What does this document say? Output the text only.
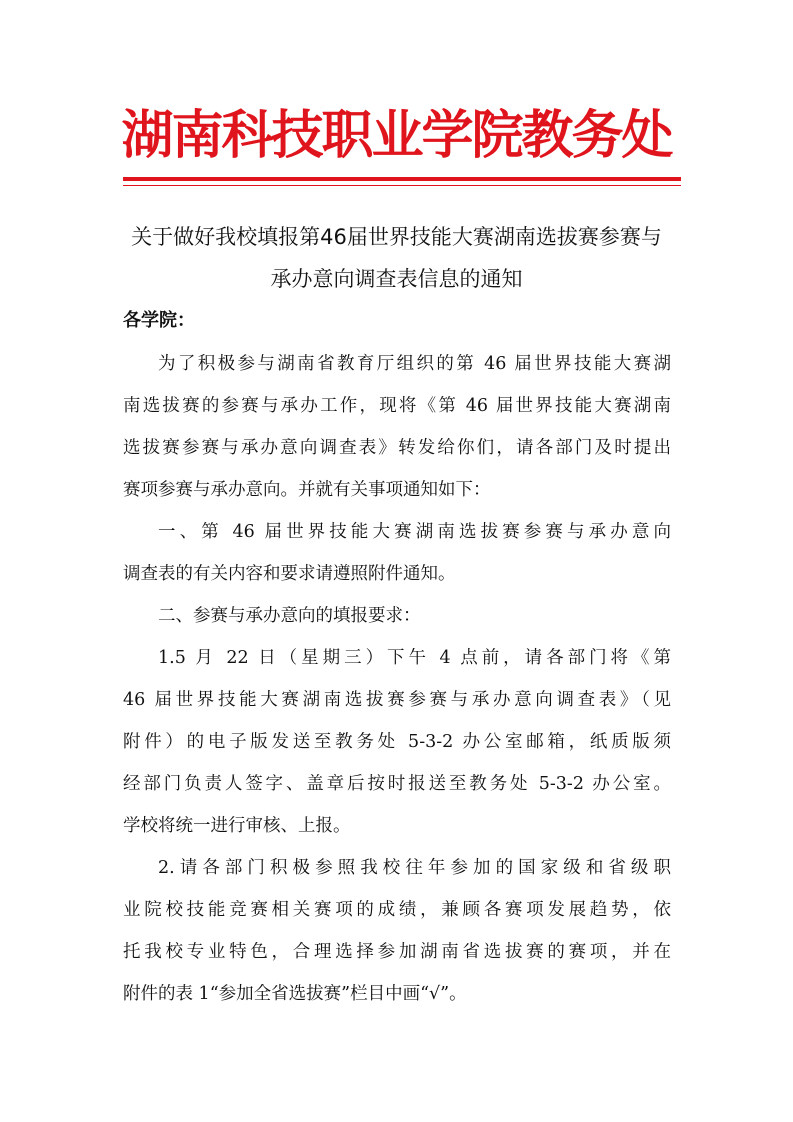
湖南科技职业学院教务处
关于做好我校填报第46届世界技能大赛湖南选拔赛参赛与
承办意向调查表信息的通知
各学院：
为了积极参与湖南省教育厅组织的第 46 届世界技能大赛湖
南选拔赛的参赛与承办工作，现将《第 46 届世界技能大赛湖南
选拔赛参赛与承办意向调查表》转发给你们，请各部门及时提出
赛项参赛与承办意向。并就有关事项通知如下：
一、第 46 届世界技能大赛湖南选拔赛参赛与承办意向
调查表的有关内容和要求请遵照附件通知。
二、参赛与承办意向的填报要求：
1.5 月 22 日（星期三）下午 4 点前，请各部门将《第
46 届世界技能大赛湖南选拔赛参赛与承办意向调查表》（见
附件）的电子版发送至教务处 5-3-2 办公室邮箱，纸质版须
经部门负责人签字、盖章后按时报送至教务处 5-3-2 办公室。
学校将统一进行审核、上报。
2.请各部门积极参照我校往年参加的国家级和省级职
业院校技能竞赛相关赛项的成绩，兼顾各赛项发展趋势，依
托我校专业特色，合理选择参加湖南省选拔赛的赛项，并在
附件的表 1“参加全省选拔赛”栏目中画“√”。
